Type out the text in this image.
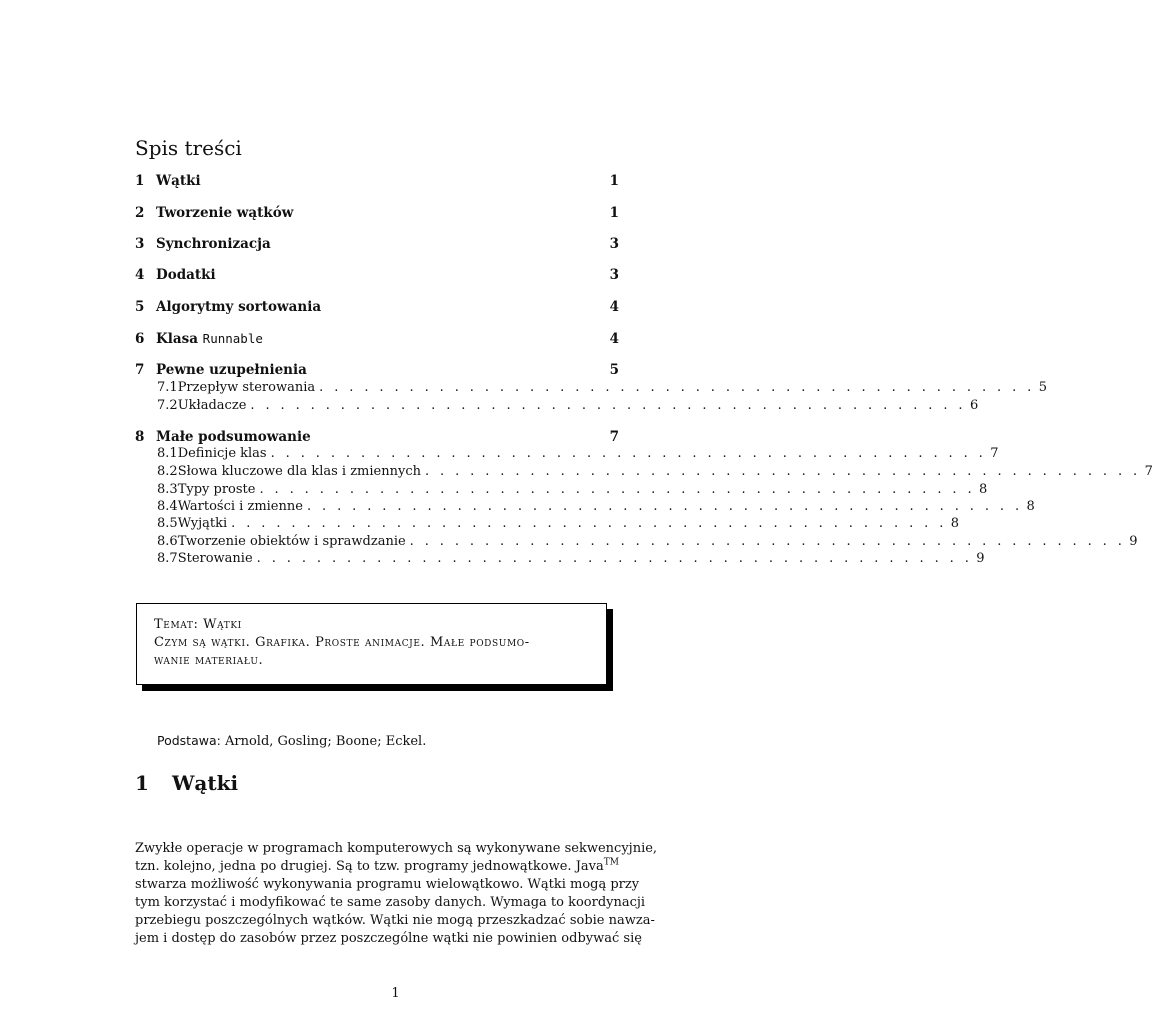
Spis treści
1 Wątki	1
2 Tworzenie wątków	1
3 Synchronizacja	3
4 Dodatki	3
5 Algorytmy sortowania	4
6 Klasa Runnable	4
7 Pewne uzupełnienia	5
7.1 Przepływ sterowania . . . . . . . . . . . . . . . . . . . . . . . . . . . . . . . . . . . . . . . . . . . . . . . . 5
7.2 Układacze . . . . . . . . . . . . . . . . . . . . . . . . . . . . . . . . . . . . . . . . . . . . . . . . 6
8 Małe podsumowanie	7
8.1 Definicje klas . . . . . . . . . . . . . . . . . . . . . . . . . . . . . . . . . . . . . . . . . . . . . . . . 7
8.2 Słowa kluczowe dla klas i zmiennych . . . . . . . . . . . . . . . . . . . . . . . . . . . . . . . . . . . . . . . . . . . . . . . . 7
8.3 Typy proste . . . . . . . . . . . . . . . . . . . . . . . . . . . . . . . . . . . . . . . . . . . . . . . . 8
8.4 Wartości i zmienne . . . . . . . . . . . . . . . . . . . . . . . . . . . . . . . . . . . . . . . . . . . . . . . . 8
8.5 Wyjątki . . . . . . . . . . . . . . . . . . . . . . . . . . . . . . . . . . . . . . . . . . . . . . . . 8
8.6 Tworzenie obiektów i sprawdzanie . . . . . . . . . . . . . . . . . . . . . . . . . . . . . . . . . . . . . . . . . . . . . . . . 9
8.7 Sterowanie . . . . . . . . . . . . . . . . . . . . . . . . . . . . . . . . . . . . . . . . . . . . . . . . 9
Temat: Wątki
Czym są wątki. Grafika. Proste animacje. Małe podsumo-
wanie materiału.
Podstawa: Arnold, Gosling; Boone; Eckel.
1 Wątki
Zwykłe operacje w programach komputerowych są wykonywane sekwencyjnie,
tzn. kolejno, jedna po drugiej. Są to tzw. programy jednowątkowe. Java™
stwarza możliwość wykonywania programu wielowątkowo. Wątki mogą przy
tym korzystać i modyfikować te same zasoby danych. Wymaga to koordynacji
przebiegu poszczególnych wątków. Wątki nie mogą przeszkadzać sobie nawza-
jem i dostęp do zasobów przez poszczególne wątki nie powinien odbywać się
1
